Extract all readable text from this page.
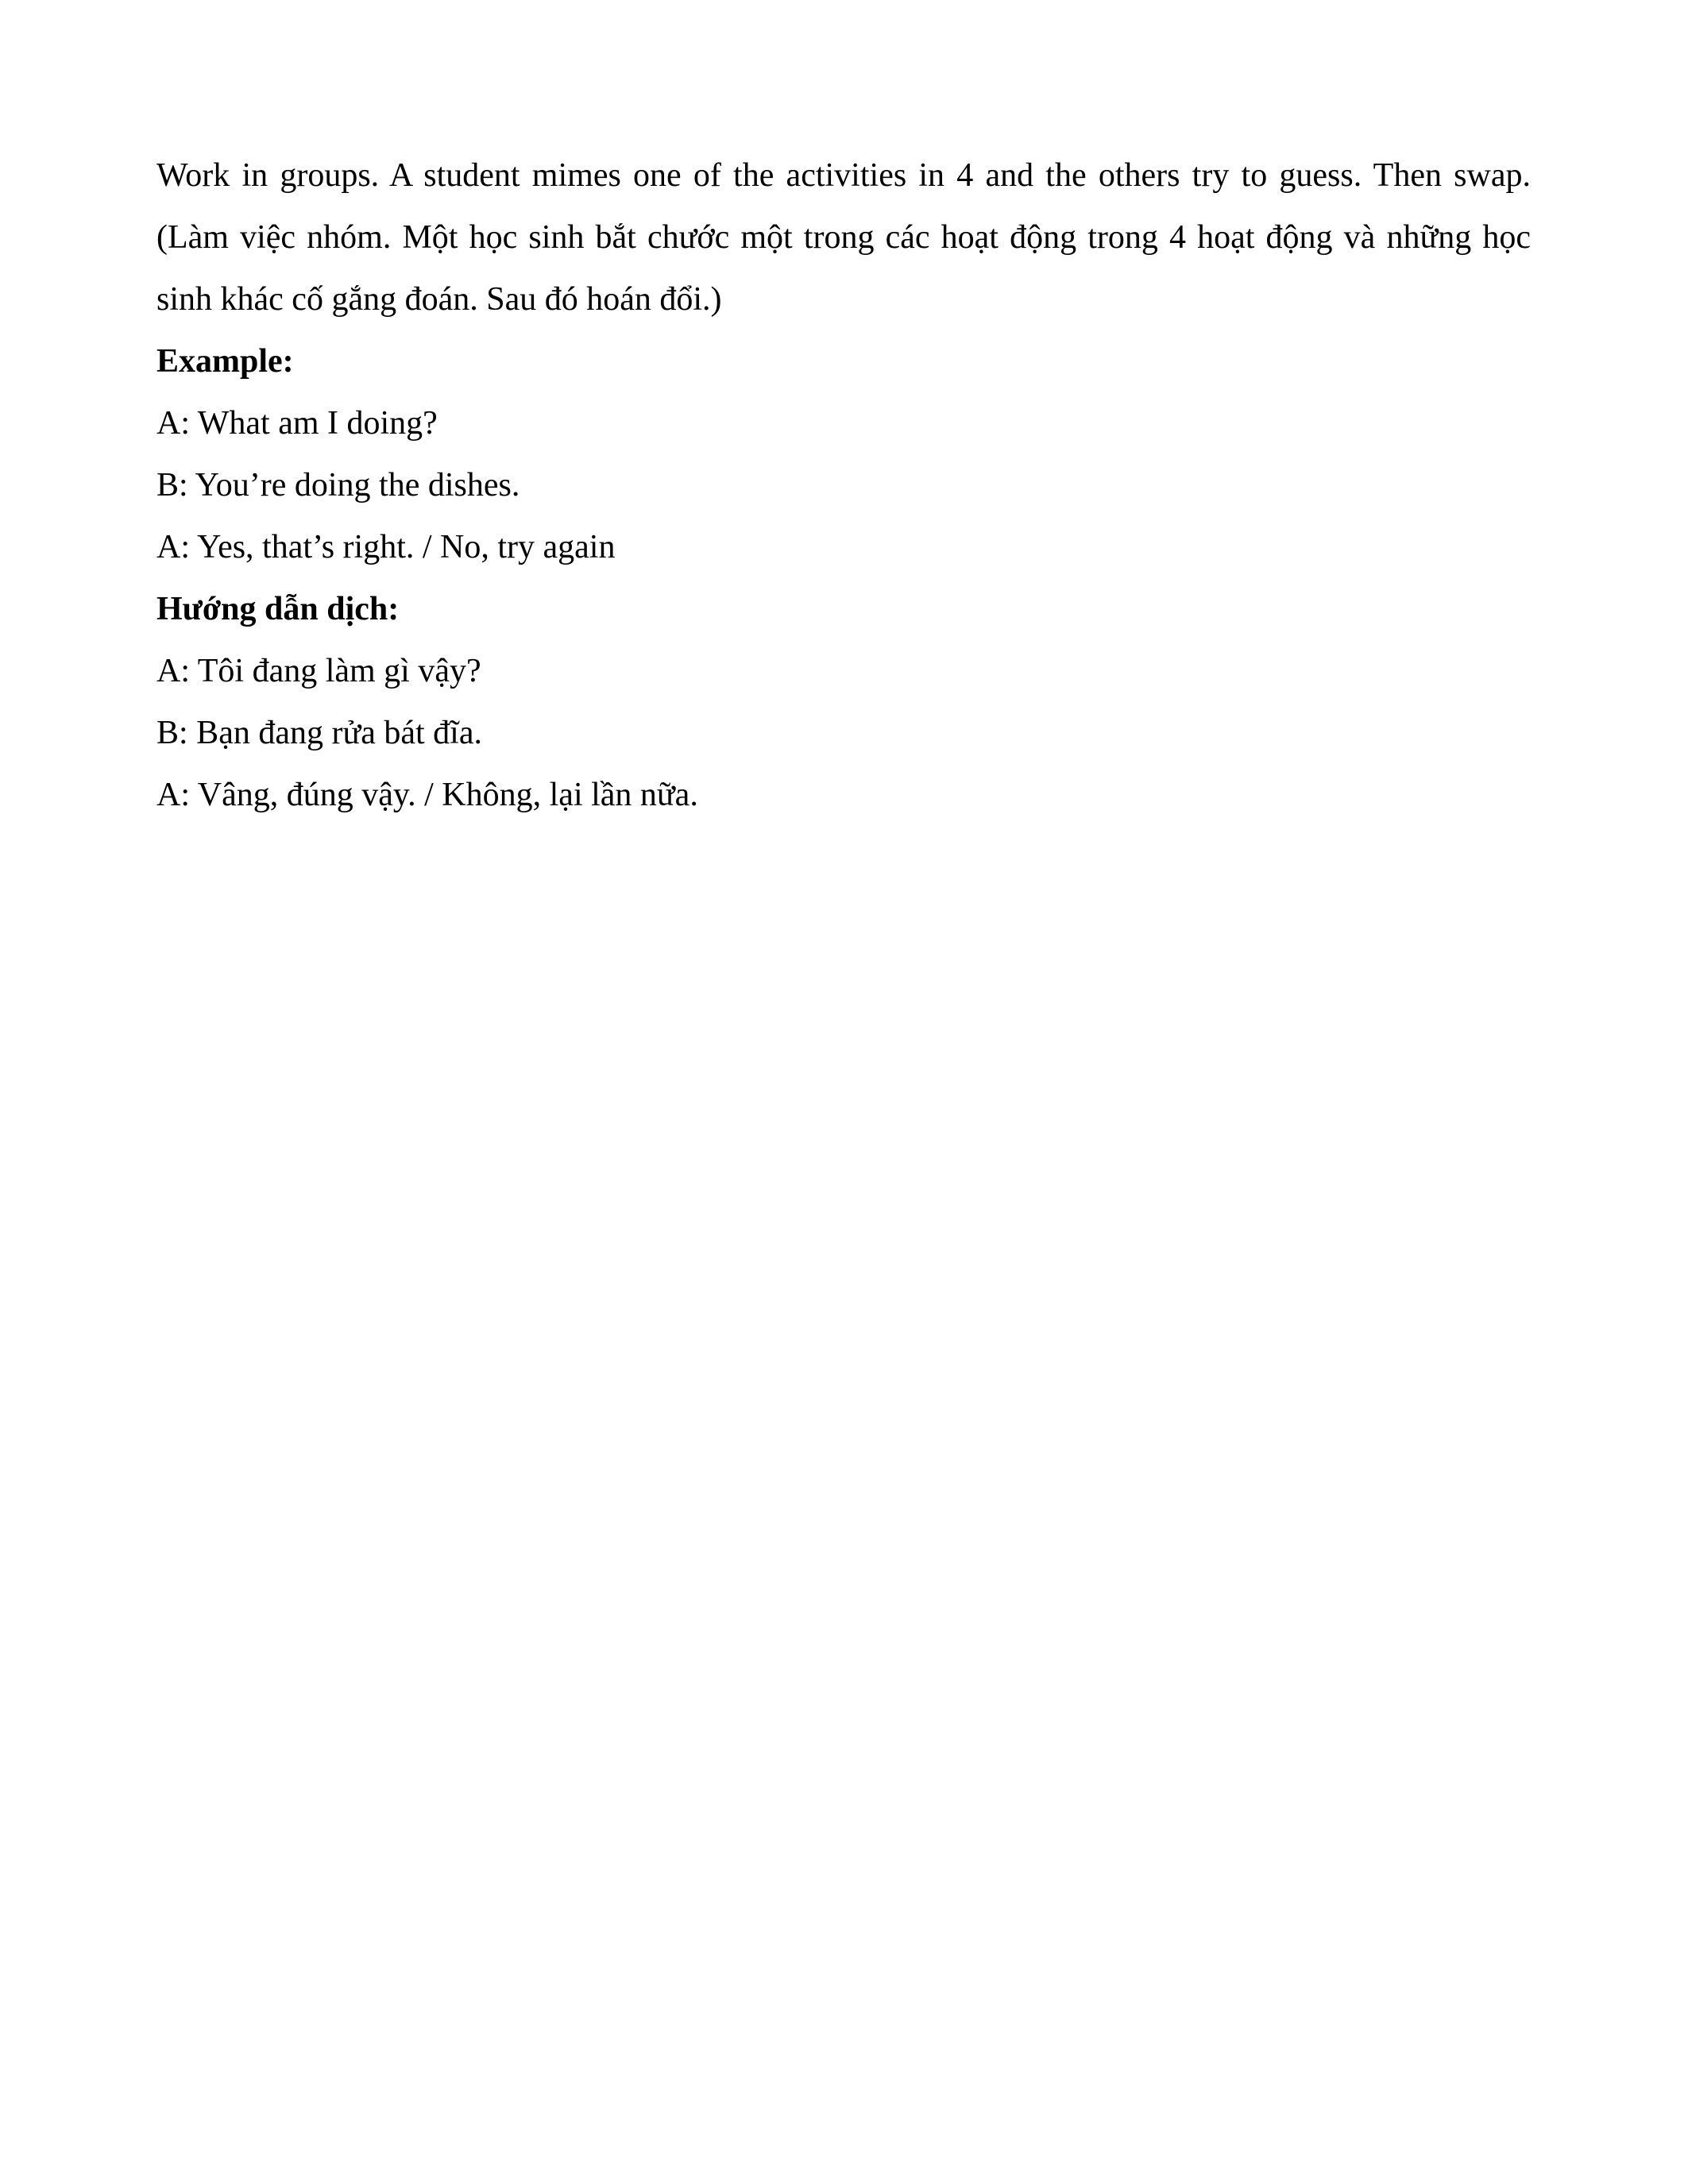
Work in groups. A student mimes one of the activities in 4 and the others try to guess. Then swap. (Làm việc nhóm. Một học sinh bắt chước một trong các hoạt động trong 4 hoạt động và những học sinh khác cố gắng đoán. Sau đó hoán đổi.)

Example:

A: What am I doing?

B: You’re doing the dishes.

A: Yes, that’s right. / No, try again

Hướng dẫn dịch:

A: Tôi đang làm gì vậy?

B: Bạn đang rửa bát đĩa.

A: Vâng, đúng vậy. / Không, lại lần nữa.
